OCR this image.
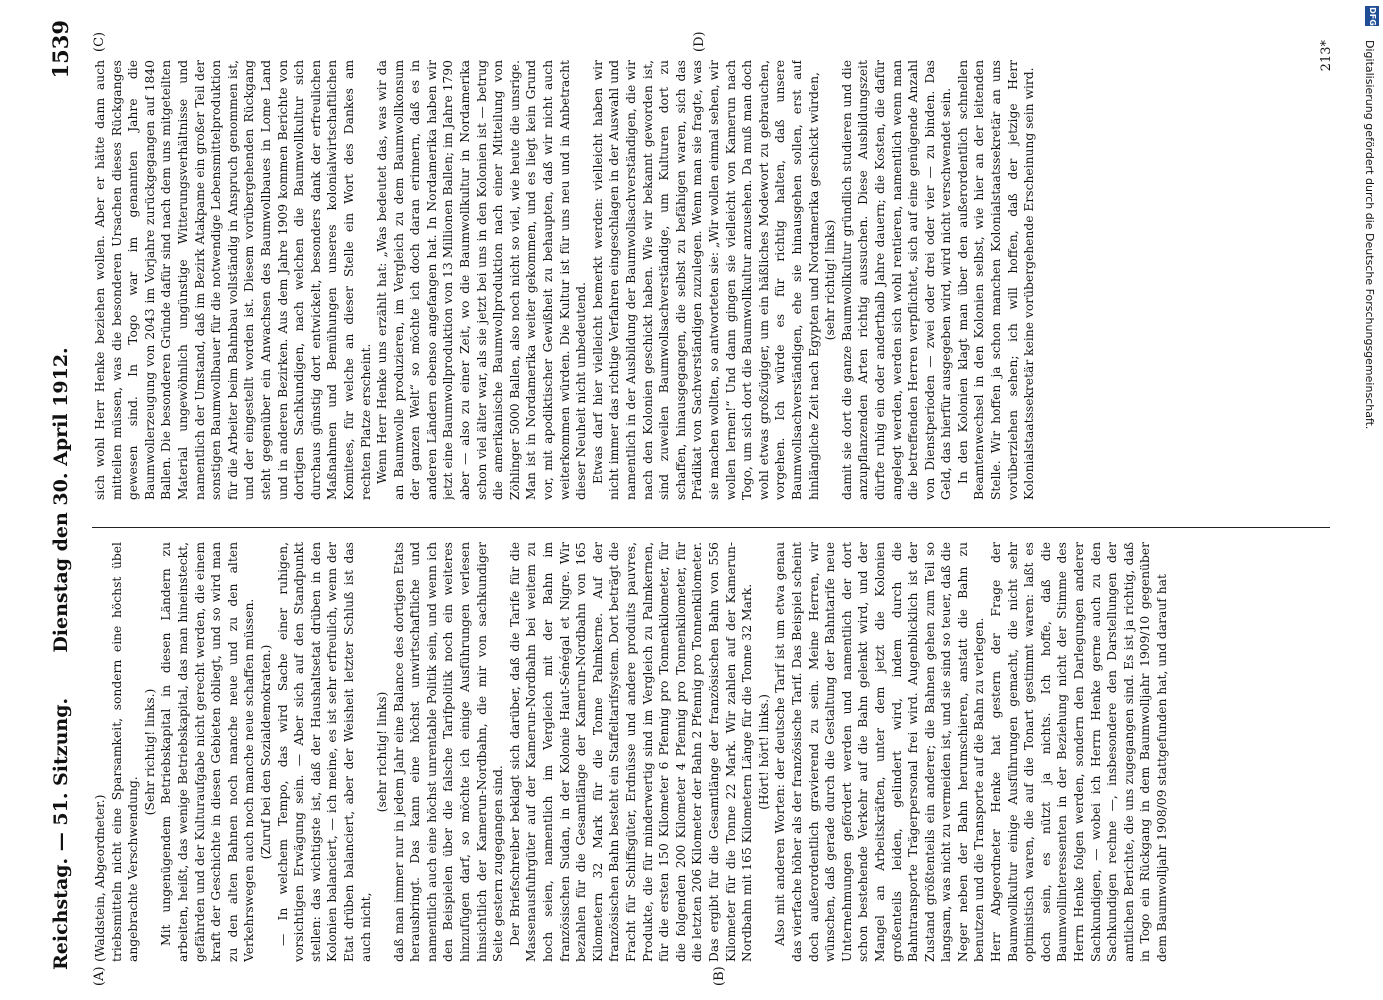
Reichstag. — 51. Sitzung.
Dienstag den 30. April 1912.
1539
(A)	(B)
(C)	(D)

(Waldstein, Abgeordneter.) triebsmitteln nicht eine Sparsamkeit, sondern eine höchst übel angebrachte Verschwendung.

(Sehr richtig! links.) Mit ungenügendem Betriebskapital in diesen Ländern zu arbeiten, heißt, das wenige Betriebskapital, das man hineinsteckt, gefährden und der Kulturaufgabe nicht gerecht werden, die einem kraft der Geschichte in diesen Gebieten obliegt, und so wird man zu den alten Bahnen noch manche neue und zu den alten Verkehrswegen auch noch manche neue schaffen müssen. (Zuruf bei den Sozialdemokraten.) — In welchem Tempo, das wird Sache einer ruhigen, vorsichtigen Erwägung sein. — Aber sich auf den Standpunkt stellen: das wichtigste ist, daß der Haushaltsetat drüben in den Kolonien balanciert, — ich meine, es ist sehr erfreulich, wenn der Etat drüben balanciert, aber der Weisheit letzter Schluß ist das auch nicht,

(sehr richtig! links) daß man immer nur in jedem Jahr eine Balance des dortigen Etats herausbringt. Das kann eine höchst unwirtschaftliche und namentlich auch eine höchst unrentable Politik sein, und wenn ich den Beispielen über die falsche Tarifpolitik noch ein weiteres hinzufügen darf, so möchte ich einige Ausführungen verlesen hinsichtlich der Kamerun-Nordbahn, die mir von sachkundiger Seite gestern zugegangen sind. Der Briefschreiber beklagt sich darüber, daß die Tarife für die Massenausfuhrgüter auf der Kamerun-Nordbahn bei weitem zu hoch seien, namentlich im Vergleich mit der Bahn im französischen Sudan, in der Kolonie Haut-Sénégal et Nigre. Wir bezahlen für die Gesamtlänge der Kamerun-Nordbahn von 165 Kilometern 32 Mark für die Tonne Palmkerne. Auf der französischen Bahn besteht ein Staffeltarifsystem. Dort beträgt die Fracht für Schiffsgüter, Erdnüsse und andere produits pauvres, Produkte, die für minderwertig sind im Vergleich zu Palmkernen, für die ersten 150 Kilometer 6 Pfennig pro Tonnenkilometer, für die folgenden 200 Kilometer 4 Pfennig pro Tonnenkilometer, für die letzten 206 Kilometer der Bahn 2 Pfennig pro Tonnenkilometer. Das ergibt für die Gesamtlänge der französischen Bahn von 556 Kilometer für die Tonne 22 Mark. Wir zahlen auf der Kamerun-Nordbahn mit 165 Kilometern Länge für die Tonne 32 Mark. (Hört! hört! links.) Also mit anderen Worten: der deutsche Tarif ist um etwa genau das vierfache höher als der französische Tarif. Das Beispiel scheint doch außerordentlich gravierend zu sein. Meine Herren, wir wünschen, daß gerade durch die Gestaltung der Bahntarife neue Unternehmungen gefördert werden und namentlich der dort schon bestehende Verkehr auf die Bahn gelenkt wird, und der Mangel an Arbeitskräften, unter dem jetzt die Kolonien großenteils leiden, gelindert wird, indem durch die Bahntransporte Trägerpersonal frei wird. Augenblicklich ist der Zustand größtenteils ein anderer; die Bahnen gehen zum Teil so langsam, was nicht zu vermeiden ist, und sie sind so teuer, daß die Neger neben der Bahn herumschieren, anstatt die Bahn zu benutzen und die Transporte auf die Bahn zu verlegen. Herr Abgeordneter Henke hat gestern der Frage der Baumwollkultur einige Ausführungen gemacht, die nicht sehr optimistisch waren, die auf die Tonart gestimmt waren: laßt es doch sein, es nützt ja nichts. Ich hoffe, daß die Baumwollinteressenten in der Beziehung nicht der Stimme des Herrn Henke folgen werden, sondern den Darlegungen anderer Sachkundigen, — wobei ich Herrn Henke gerne auch zu den Sachkundigen rechne —, insbesondere den Darstellungen der amtlichen Berichte, die uns zugegangen sind. Es ist ja richtig, daß in Togo ein Rückgang in dem Baumwolljahr 1909/10 gegenüber dem Baumwolljahr 1908/09 stattgefunden hat, und darauf hat

sich wohl Herr Henke beziehen wollen. Aber er hätte dann auch mitteilen müssen, was die besonderen Ursachen dieses Rückganges gewesen sind. In Togo war im genannten Jahre die Baumwollerzeugung von 2043 im Vorjahre zurückgegangen auf 1840 Ballen. Die besonderen Gründe dafür sind nach dem uns mitgeteilten Material ungewöhnlich ungünstige Witterungsverhältnisse und namentlich der Umstand, daß im Bezirk Atakpame ein großer Teil der sonstigen Baumwollbauer für die notwendige Lebensmittelproduktion für die Arbeiter beim Bahnbau vollständig in Anspruch genommen ist, und der eingestellt worden ist. Diesem vorübergehenden Rückgang steht gegenüber ein Anwachsen des Baumwollbaues in Lome Land und in anderen Bezirken. Aus dem Jahre 1909 kommen Berichte von dortigen Sachkundigen, nach welchen die Baumwollkultur sich durchaus günstig dort entwickelt, besonders dank der erfreulichen Maßnahmen und Bemühungen unseres kolonialwirtschaftlichen Komitees, für welche an dieser Stelle ein Wort des Dankes am rechten Platze erscheint. Wenn Herr Henke uns erzählt hat: „Was bedeutet das, was wir da an Baumwolle produzieren, im Vergleich zu dem Baumwollkonsum der ganzen Welt“ so möchte ich doch daran erinnern, daß es in anderen Ländern ebenso angefangen hat. In Nordamerika haben wir jetzt eine Baumwollproduktion von 13 Millionen Ballen; im Jahre 1790 aber — also zu einer Zeit, wo die Baumwollkultur in Nordamerika schon viel älter war, als sie jetzt bei uns in den Kolonien ist — betrug die amerikanische Baumwollproduktion nach einer Mitteilung von Zöhlinger 5000 Ballen, also noch nicht so viel, wie heute die unsrige. Man ist in Nordamerika weiter gekommen, und es liegt kein Grund vor, mit apodiktischer Gewißheit zu behaupten, daß wir nicht auch weiterkommen würden. Die Kultur ist für uns neu und in Anbetracht dieser Neuheit nicht unbedeutend. Etwas darf hier vielleicht bemerkt werden: vielleicht haben wir nicht immer das richtige Verfahren eingeschlagen in der Auswahl und namentlich in der Ausbildung der Baumwollsachverständigen, die wir nach den Kolonien geschickt haben. Wie wir bekannt geworden ist, sind zuweilen Baumwollsachverständige, um Kulturen dort zu schaffen, hinausgegangen, die selbst zu befähigen waren, sich das Prädikat von Sachverständigen zuzulegen. Wenn man sie fragte, was sie machen wollten, so antworteten sie: „Wir wollen einmal sehen, wir wollen lernen!“ Und dann gingen sie vielleicht von Kamerun nach Togo, um sich dort die Baumwollkultur anzusehen. Da muß man doch wohl etwas großzügiger, um ein häßliches Modewort zu gebrauchen, vorgehen. Ich würde es für richtig halten, daß unsere Baumwollsachverständigen, ehe sie hinausgehen sollen, erst auf hinlängliche Zeit nach Egypten und Nordamerika geschickt würden, (sehr richtig! links) damit sie dort die ganze Baumwollkultur gründlich studieren und die anzupflanzenden Arten richtig aussuchen. Diese Ausbildungszeit dürfte ruhig ein oder anderthalb Jahre dauern; die Kosten, die dafür angelegt werden, werden sich wohl rentieren, namentlich wenn man die betreffenden Herren verpflichtet, sich auf eine genügende Anzahl von Dienstperioden — zwei oder drei oder vier — zu binden. Das Geld, das hierfür ausgegeben wird, wird nicht verschwendet sein. In den Kolonien klagt man über den außerordentlich schnellen Beamtenwechsel in den Kolonien selbst, wie hier an der leitenden Stelle. Wir hoffen ja schon manchen Kolonialstaatssekretär an uns vorüberziehen sehen; ich will hoffen, daß der jetzige Herr Kolonialstaatssekretär keine vorübergehende Erscheinung sein wird.

213*	Digitalisierung gefördert durch die Deutsche Forschungsgemeinschaft.
DFG
